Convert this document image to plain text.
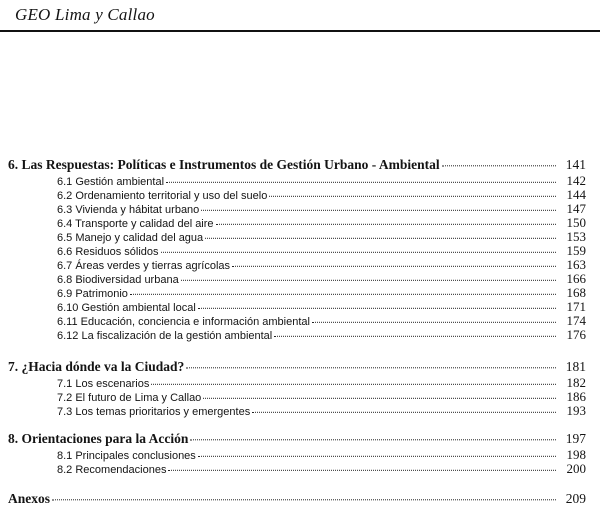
GEO Lima y Callao
6. Las Respuestas: Políticas e Instrumentos de Gestión Urbano - Ambiental	141
6.1 Gestión ambiental	142
6.2 Ordenamiento territorial y uso del suelo	144
6.3 Vivienda y hábitat urbano	147
6.4 Transporte y calidad del aire	150
6.5 Manejo y calidad del agua	153
6.6 Residuos sólidos	159
6.7 Áreas verdes y tierras agrícolas	163
6.8 Biodiversidad urbana	166
6.9 Patrimonio	168
6.10 Gestión ambiental local	171
6.11 Educación, conciencia e información ambiental	174
6.12 La fiscalización de la gestión ambiental	176
7. ¿Hacia dónde va la Ciudad?	181
7.1 Los escenarios	182
7.2 El futuro de Lima y Callao	186
7.3 Los temas prioritarios y emergentes	193
8. Orientaciones para la Acción	197
8.1 Principales conclusiones	198
8.2 Recomendaciones	200
Anexos	209
